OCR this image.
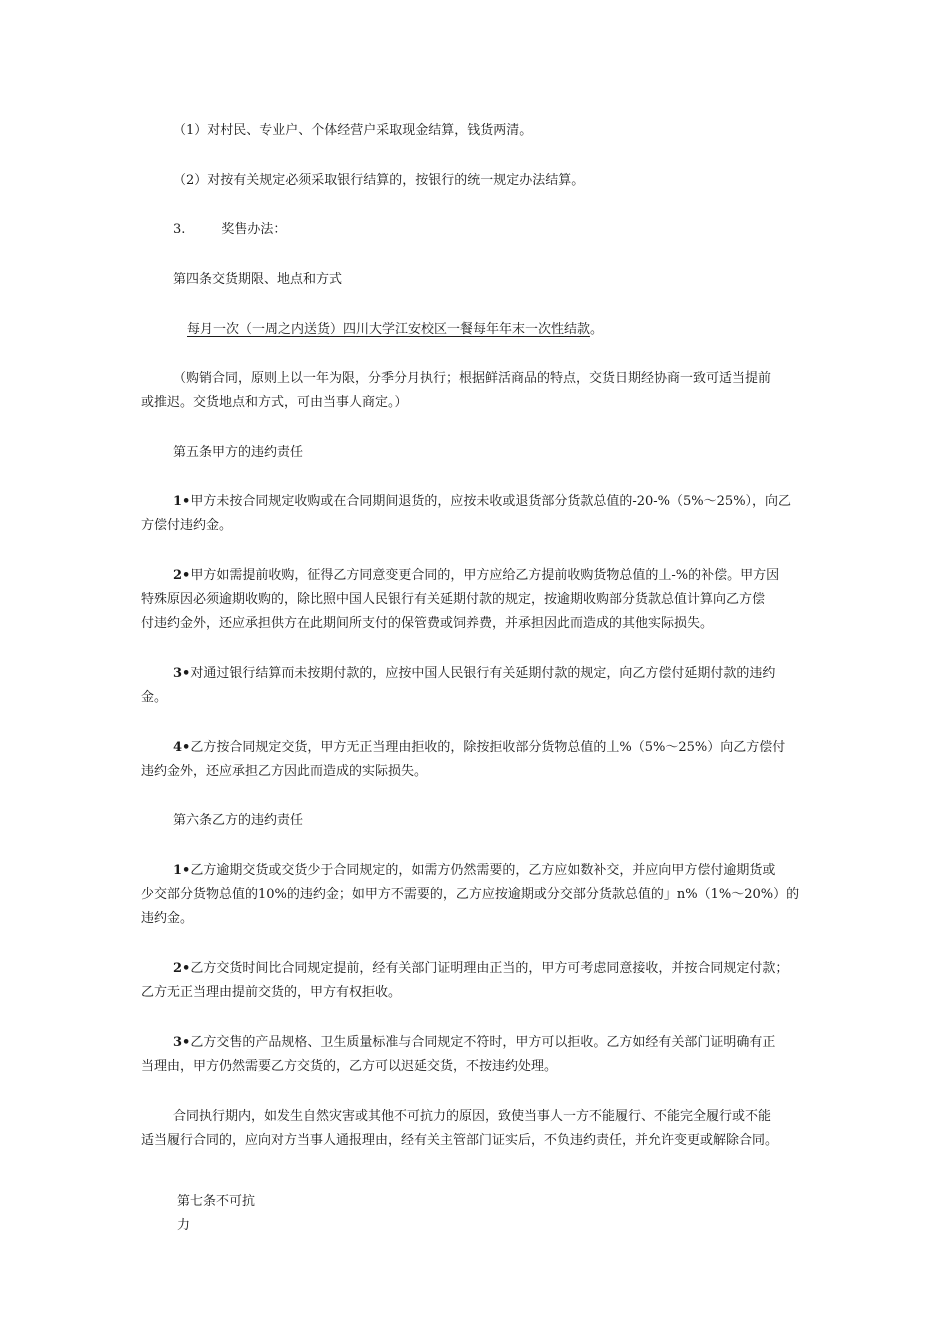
（1）对村民、专业户、个体经营户采取现金结算，钱货两清。
（2）对按有关规定必须采取银行结算的，按银行的统一规定办法结算。
3.	奖售办法：
第四条交货期限、地点和方式
每月一次（一周之内送货）四川大学江安校区一餐每年年末一次性结款。
（购销合同，原则上以一年为限，分季分月执行；根据鲜活商品的特点，交货日期经协商一致可适当提前
或推迟。交货地点和方式，可由当事人商定。）
第五条甲方的违约责任
1•甲方未按合同规定收购或在合同期间退货的，应按未收或退货部分货款总值的-20-%（5%～25%），向乙
方偿付违约金。
2•甲方如需提前收购，征得乙方同意变更合同的，甲方应给乙方提前收购货物总值的丄-%的补偿。甲方因
特殊原因必须逾期收购的，除比照中国人民银行有关延期付款的规定，按逾期收购部分货款总值计算向乙方偿
付违约金外，还应承担供方在此期间所支付的保管费或饲养费，并承担因此而造成的其他实际损失。
3•对通过银行结算而未按期付款的，应按中国人民银行有关延期付款的规定，向乙方偿付延期付款的违约
金。
4•乙方按合同规定交货，甲方无正当理由拒收的，除按拒收部分货物总值的丄%（5%～25%）向乙方偿付
违约金外，还应承担乙方因此而造成的实际损失。
第六条乙方的违约责任
1•乙方逾期交货或交货少于合同规定的，如需方仍然需要的，乙方应如数补交，并应向甲方偿付逾期货或
少交部分货物总值的10%的违约金；如甲方不需要的，乙方应按逾期或分交部分货款总值的」n%（1%～20%）的
违约金。
2•乙方交货时间比合同规定提前，经有关部门证明理由正当的，甲方可考虑同意接收，并按合同规定付款；
乙方无正当理由提前交货的，甲方有权拒收。
3•乙方交售的产品规格、卫生质量标准与合同规定不符时，甲方可以拒收。乙方如经有关部门证明确有正
当理由，甲方仍然需要乙方交货的，乙方可以迟延交货，不按违约处理。
合同执行期内，如发生自然灾害或其他不可抗力的原因，致使当事人一方不能履行、不能完全履行或不能
适当履行合同的，应向对方当事人通报理由，经有关主管部门证实后，不负违约责任，并允许变更或解除合同。
第七条不可抗
力
